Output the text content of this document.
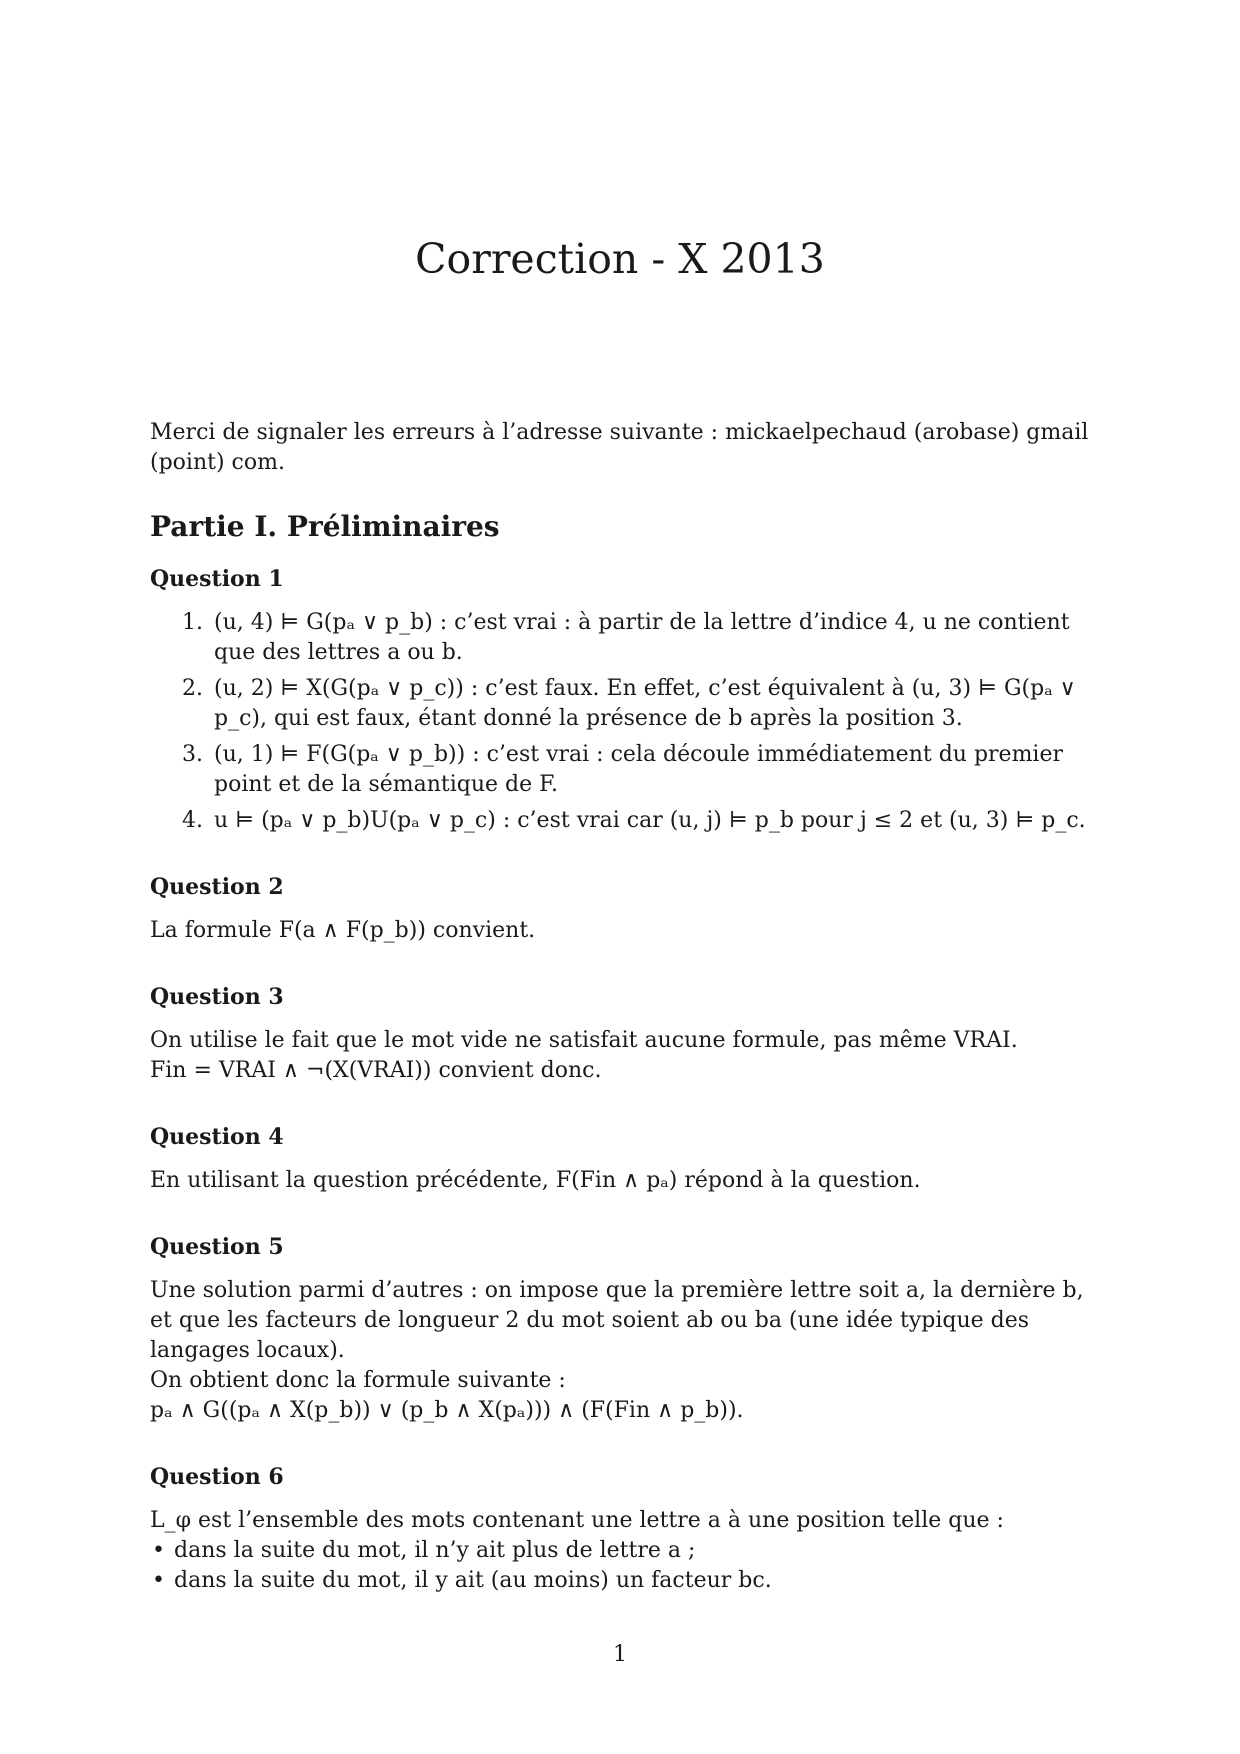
Correction - X 2013

Merci de signaler les erreurs à l’adresse suivante : mickaelpechaud (arobase) gmail (point) com.

Partie I. Préliminaires
Question 1
1. (u, 4) ⊨ G(pₐ ∨ p_b) : c’est vrai : à partir de la lettre d’indice 4, u ne contient que des lettres a ou b.
2. (u, 2) ⊨ X(G(pₐ ∨ p_c)) : c’est faux. En effet, c’est équivalent à (u, 3) ⊨ G(pₐ ∨ p_c), qui est faux, étant donné la présence de b après la position 3.
3. (u, 1) ⊨ F(G(pₐ ∨ p_b)) : c’est vrai : cela découle immédiatement du premier point et de la sémantique de F.
4. u ⊨ (pₐ ∨ p_b)U(pₐ ∨ p_c) : c’est vrai car (u, j) ⊨ p_b pour j ≤ 2 et (u, 3) ⊨ p_c.
Question 2

La formule F(a ∧ F(p_b)) convient.

Question 3

On utilise le fait que le mot vide ne satisfait aucune formule, pas même VRAI.

Fin = VRAI ∧ ¬(X(VRAI)) convient donc.

Question 4

En utilisant la question précédente, F(Fin ∧ pₐ) répond à la question.

Question 5

Une solution parmi d’autres : on impose que la première lettre soit a, la dernière b, et que les facteurs de longueur 2 du mot soient ab ou ba (une idée typique des langages locaux).

On obtient donc la formule suivante :

pₐ ∧ G((pₐ ∧ X(p_b)) ∨ (p_b ∧ X(pₐ))) ∧ (F(Fin ∧ p_b)).

Question 6

L_φ est l’ensemble des mots contenant une lettre a à une position telle que :

• dans la suite du mot, il n’y ait plus de lettre a ;
• dans la suite du mot, il y ait (au moins) un facteur bc.
1
